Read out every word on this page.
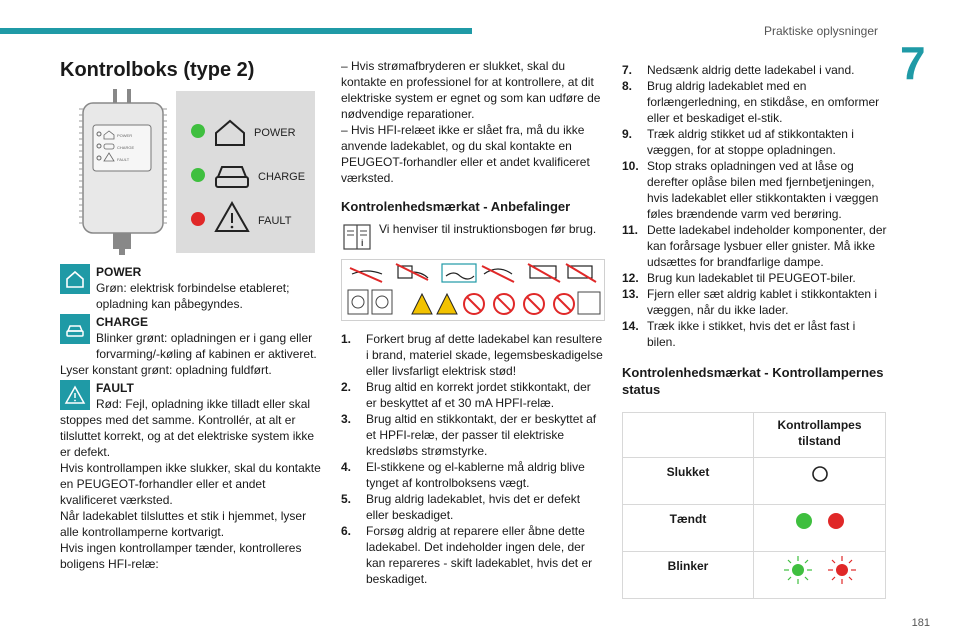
Praktiske oplysninger
7
181
Kontrolboks (type 2)
POWER
CHARGE
FAULT
POWER
CHARGE
FAULT

POWER

Grøn: elektrisk forbindelse etableret; opladning kan påbegyndes.

CHARGE

Blinker grønt: opladningen er i gang eller forvarming/-køling af kabinen er aktiveret.

Lyser konstant grønt: opladning fuldført.

FAULT

Rød: Fejl, opladning ikke tilladt eller skal stoppes med det samme. Kontrollér, at alt er tilsluttet korrekt, og at det elektriske system ikke er defekt.

Hvis kontrollampen ikke slukker, skal du kontakte en PEUGEOT-forhandler eller et andet kvalificeret værksted.

Når ladekablet tilsluttes et stik i hjemmet, lyser alle kontrollamperne kortvarigt.

Hvis ingen kontrollamper tænder, kontrolleres boligens HFI-relæ:

– Hvis strømafbryderen er slukket, skal du kontakte en professionel for at kontrollere, at dit elektriske system er egnet og som kan udføre de nødvendige reparationer.

– Hvis HFI-relæet ikke er slået fra, må du ikke anvende ladekablet, og du skal kontakte en PEUGEOT-forhandler eller et andet kvalificeret værksted.

Kontrolenhedsmærkat - Anbefalinger
i

Vi henviser til instruktionsbogen før brug.

1.	Forkert brug af dette ladekabel kan resultere i brand, materiel skade, legemsbeskadigelse eller livsfarligt elektrisk stød!
2.	Brug altid en korrekt jordet stikkontakt, der er beskyttet af et 30 mA HPFI-relæ.
3.	Brug altid en stikkontakt, der er beskyttet af et HPFI-relæ, der passer til elektriske kredsløbs strømstyrke.
4.	El-stikkene og el-kablerne må aldrig blive tynget af kontrolboksens vægt.
5.	Brug aldrig ladekablet, hvis det er defekt eller beskadiget.
6.	Forsøg aldrig at reparere eller åbne dette ladekabel. Det indeholder ingen dele, der kan repareres - skift ladekablet, hvis det er beskadiget.
7.	Nedsænk aldrig dette ladekabel i vand.
8.	Brug aldrig ladekablet med en forlængerledning, en stikdåse, en omformer eller et beskadiget el-stik.
9.	Træk aldrig stikket ud af stikkontakten i væggen, for at stoppe opladningen.
10. Stop straks opladningen ved at låse og derefter oplåse bilen med fjernbetjeningen, hvis ladekablet eller stikkontakten i væggen føles brændende varm ved berøring.
11. Dette ladekabel indeholder komponenter, der kan forårsage lysbuer eller gnister. Må ikke udsættes for brandfarlige dampe.
12. Brug kun ladekablet til PEUGEOT-biler.
13. Fjern eller sæt aldrig kablet i stikkontakten i væggen, når du ikke lader.
14. Træk ikke i stikket, hvis det er låst fast i bilen.
Kontrolenhedsmærkat - Kontrollampernes status
Kontrollampes tilstand
Slukket
Tændt
Blinker
